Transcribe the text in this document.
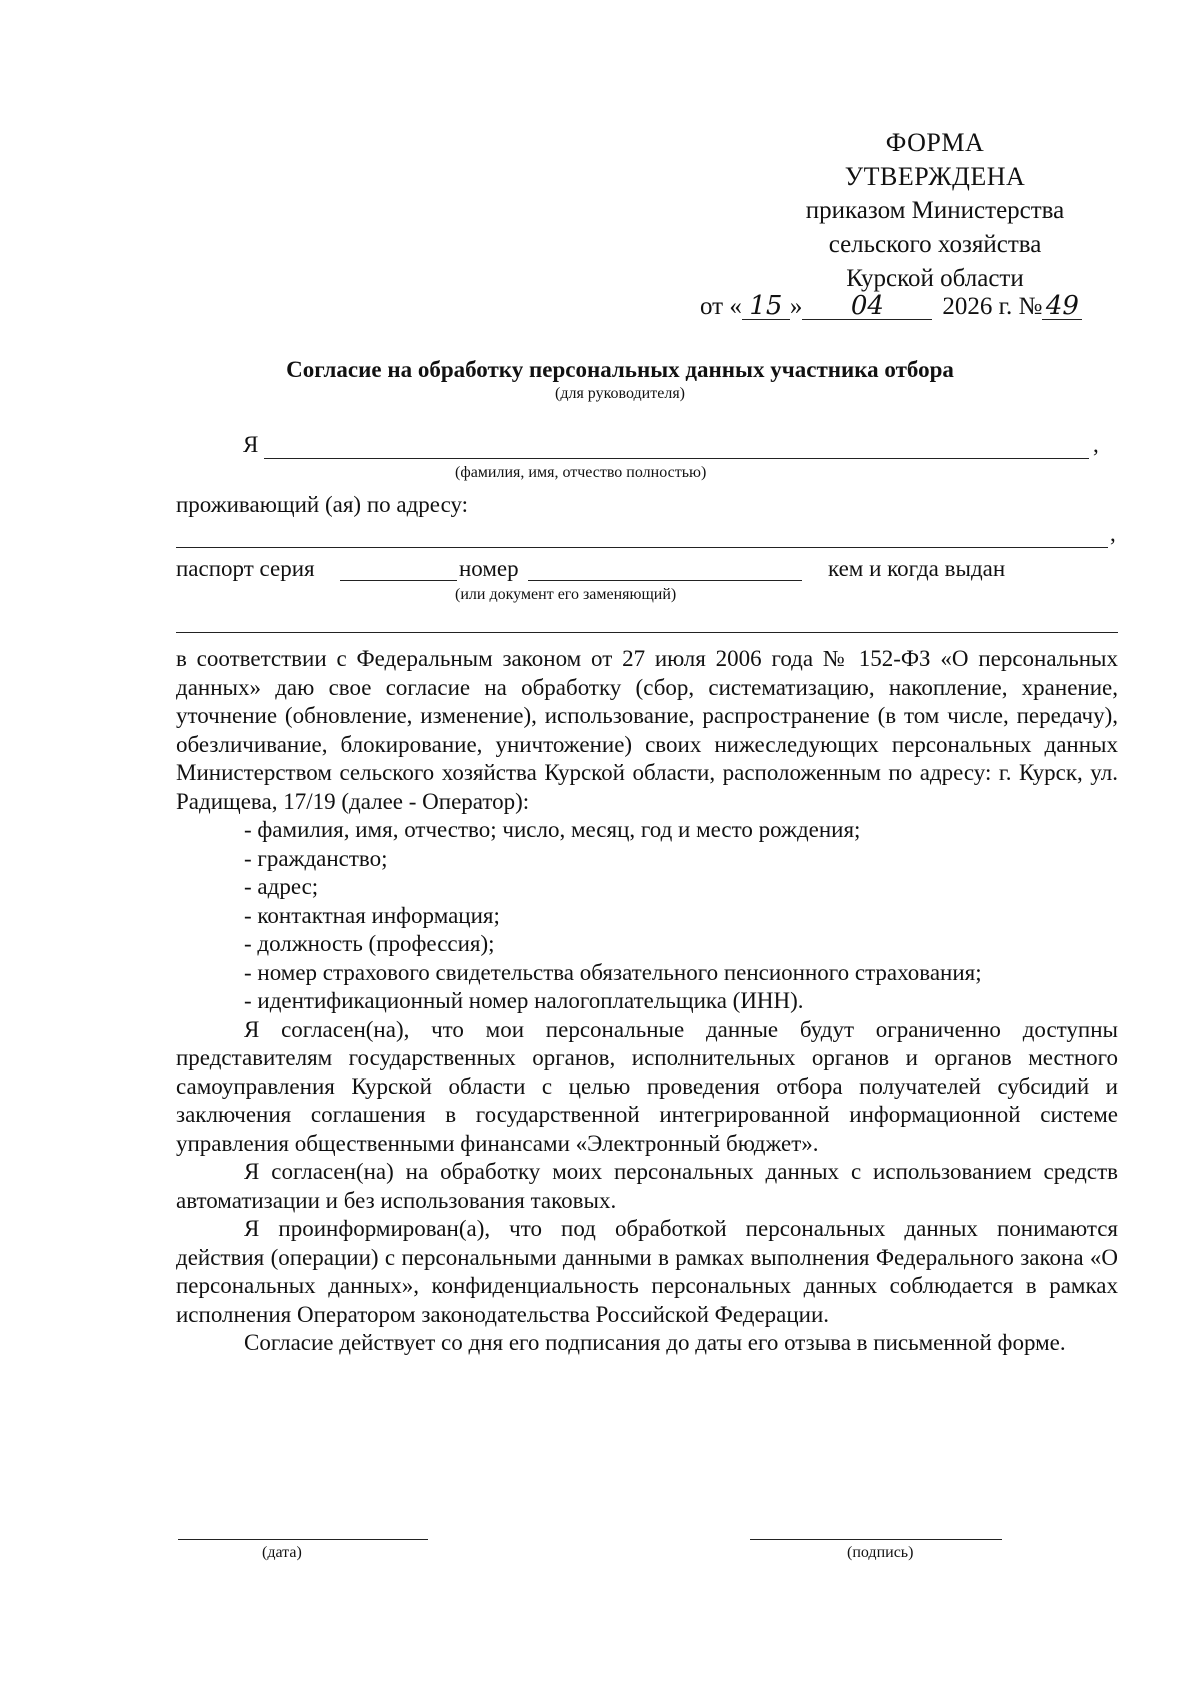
ФОРМА
УТВЕРЖДЕНА
приказом Министерства
сельского хозяйства
Курской области
от « 15 » 04 2026 г. № 49
Согласие на обработку персональных данных участника отбора
(для руководителя)
Я	,
(фамилия, имя, отчество полностью)
проживающий (ая) по адресу:
,
паспорт серия	номер	кем и когда выдан
(или документ его заменяющий)

в соответствии с Федеральным законом от 27 июля 2006 года № 152-ФЗ «О персональных данных» даю свое согласие на обработку (сбор, систематизацию, накопление, хранение, уточнение (обновление, изменение), использование, распространение (в том числе, передачу), обезличивание, блокирование, уничтожение) своих нижеследующих персональных данных Министерством сельского хозяйства Курской области, расположенным по адресу: г. Курск, ул. Радищева, 17/19 (далее - Оператор):

- фамилия, имя, отчество; число, месяц, год и место рождения;
- гражданство;
- адрес;
- контактная информация;
- должность (профессия);
- номер страхового свидетельства обязательного пенсионного страхования;
- идентификационный номер налогоплательщика (ИНН).

Я согласен(на), что мои персональные данные будут ограниченно доступны представителям государственных органов, исполнительных органов и органов местного самоуправления Курской области с целью проведения отбора получателей субсидий и заключения соглашения в государственной интегрированной информационной системе управления общественными финансами «Электронный бюджет».

Я согласен(на) на обработку моих персональных данных с использованием средств автоматизации и без использования таковых.

Я проинформирован(а), что под обработкой персональных данных понимаются действия (операции) с персональными данными в рамках выполнения Федерального закона «О персональных данных», конфиденциальность персональных данных соблюдается в рамках исполнения Оператором законодательства Российской Федерации.

Согласие действует со дня его подписания до даты его отзыва в письменной форме.

(дата)	(подпись)
